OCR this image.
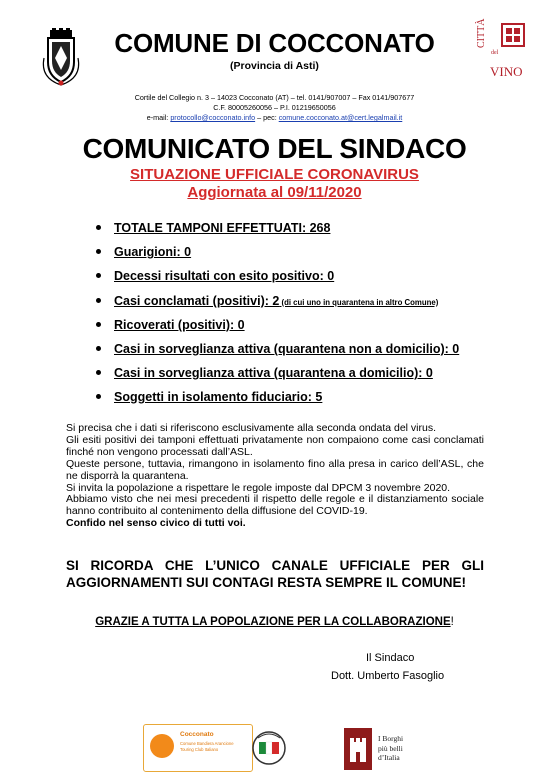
COMUNE DI COCCONATO
(Provincia di Asti)
CITTÀ
del
VINO
Cortile del Collegio n. 3 – 14023 Cocconato (AT) – tel. 0141/907007 – Fax 0141/907677
C.F. 80005260056 – P.I. 01219650056
e-mail: protocollo@cocconato.info – pec: comune.cocconato.at@cert.legalmail.it
COMUNICATO DEL SINDACO
SITUAZIONE UFFICIALE CORONAVIRUS
Aggiornata al 09/11/2020
TOTALE TAMPONI EFFETTUATI: 268
Guarigioni: 0
Decessi risultati con esito positivo: 0
Casi conclamati (positivi): 2 (di cui uno in quarantena in altro Comune)
Ricoverati (positivi): 0
Casi in sorveglianza attiva (quarantena non a domicilio): 0
Casi in sorveglianza attiva (quarantena a domicilio): 0
Soggetti in isolamento fiduciario: 5

Si precisa che i dati si riferiscono esclusivamente alla seconda ondata del virus.

Gli esiti positivi dei tamponi effettuati privatamente non compaiono come casi conclamati finché non vengono processati dall’ASL.

Queste persone, tuttavia, rimangono in isolamento fino alla presa in carico dell’ASL, che ne disporrà la quarantena.

Si invita la popolazione a rispettare le regole imposte dal DPCM 3 novembre 2020.

Abbiamo visto che nei mesi precedenti il rispetto delle regole e il distanziamento sociale hanno contribuito al contenimento della diffusione del COVID-19.

Confido nel senso civico di tutti voi.

SI RICORDA CHE L’UNICO CANALE UFFICIALE PER GLI AGGIORNAMENTI SUI CONTAGI RESTA SEMPRE IL COMUNE!
GRAZIE A TUTTA LA POPOLAZIONE PER LA COLLABORAZIONE!
Il Sindaco
Dott. Umberto Fasoglio
Cocconato
Comune Bandiera Arancione
Touring Club Italiano
I Borghi
più belli
d’Italia
